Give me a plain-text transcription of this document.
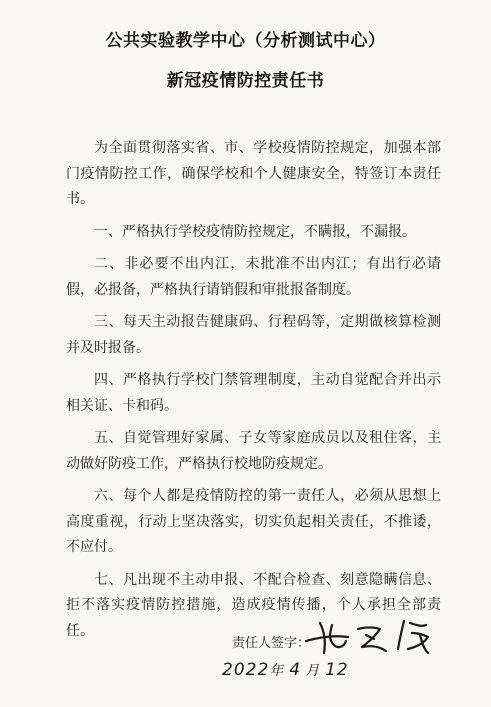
公共实验教学中心（分析测试中心）
新冠疫情防控责任书

为全面贯彻落实省、市、学校疫情防控规定，加强本部门疫情防控工作，确保学校和个人健康安全，特签订本责任书。

一、严格执行学校疫情防控规定，不瞒报，不漏报。

二、非必要不出内江，未批准不出内江；有出行必请假，必报备，严格执行请销假和审批报备制度。

三、每天主动报告健康码、行程码等，定期做核算检测并及时报备。

四、严格执行学校门禁管理制度，主动自觉配合并出示相关证、卡和码。

五、自觉管理好家属、子女等家庭成员以及租住客，主动做好防疫工作，严格执行校地防疫规定。

六、每个人都是疫情防控的第一责任人，必须从思想上高度重视，行动上坚决落实，切实负起相关责任，不推诿，不应付。

七、凡出现不主动申报、不配合检查、刻意隐瞒信息、拒不落实疫情防控措施，造成疫情传播，个人承担全部责任。

责任人签字：
2022年 4 月 12
